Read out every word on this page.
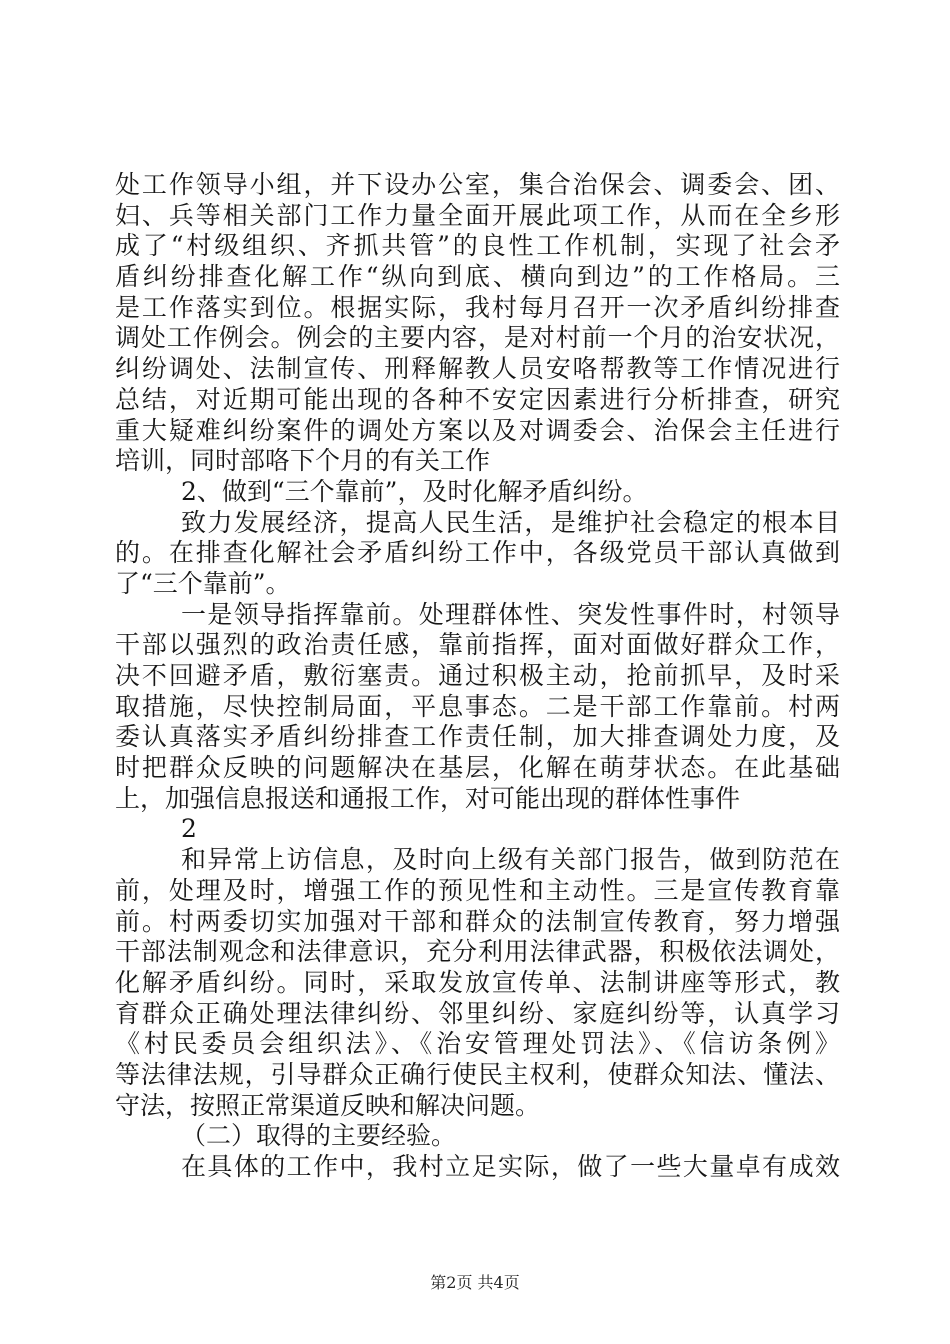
处工作领导小组，并下设办公室，集合治保会、调委会、团、
妇、兵等相关部门工作力量全面开展此项工作，从而在全乡形
成了“村级组织、齐抓共管”的良性工作机制，实现了社会矛
盾纠纷排查化解工作“纵向到底、横向到边”的工作格局。三
是工作落实到位。根据实际，我村每月召开一次矛盾纠纷排查
调处工作例会。例会的主要内容，是对村前一个月的治安状况，
纠纷调处、法制宣传、刑释解教人员安咯帮教等工作情况进行
总结，对近期可能出现的各种不安定因素进行分析排查，研究
重大疑难纠纷案件的调处方案以及对调委会、治保会主任进行
培训，同时部咯下个月的有关工作
2、做到“三个靠前”，及时化解矛盾纠纷。
致力发展经济，提高人民生活，是维护社会稳定的根本目
的。在排查化解社会矛盾纠纷工作中，各级党员干部认真做到
了“三个靠前”。
一是领导指挥靠前。处理群体性、突发性事件时，村领导
干部以强烈的政治责任感，靠前指挥，面对面做好群众工作，
决不回避矛盾，敷衍塞责。通过积极主动，抢前抓早，及时采
取措施，尽快控制局面，平息事态。二是干部工作靠前。村两
委认真落实矛盾纠纷排查工作责任制，加大排查调处力度，及
时把群众反映的问题解决在基层，化解在萌芽状态。在此基础
上，加强信息报送和通报工作，对可能出现的群体性事件
2
和异常上访信息，及时向上级有关部门报告，做到防范在
前，处理及时，增强工作的预见性和主动性。三是宣传教育靠
前。村两委切实加强对干部和群众的法制宣传教育，努力增强
干部法制观念和法律意识，充分利用法律武器，积极依法调处，
化解矛盾纠纷。同时，采取发放宣传单、法制讲座等形式，教
育群众正确处理法律纠纷、邻里纠纷、家庭纠纷等，认真学习
《村民委员会组织法》、《治安管理处罚法》、《信访条例》
等法律法规，引导群众正确行使民主权利，使群众知法、懂法、
守法，按照正常渠道反映和解决问题。
（二）取得的主要经验。
在具体的工作中，我村立足实际，做了一些大量卓有成效
第2页 共4页
